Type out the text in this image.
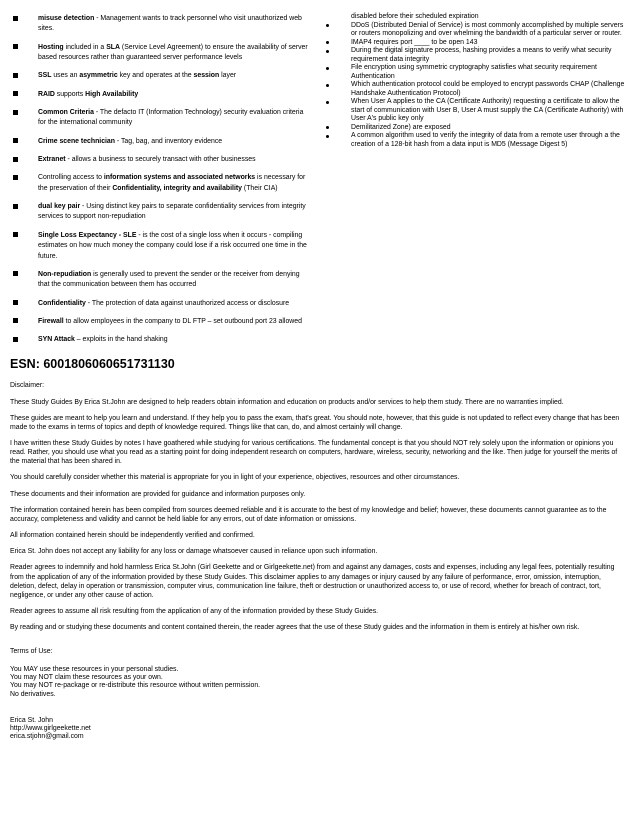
misuse detection - Management wants to track personnel who visit unauthorized web sites.
Hosting included in a SLA (Service Level Agreement) to ensure the availability of server based resources rather than guaranteed server performance levels
SSL uses an asymmetric key and operates at the session layer
RAID supports High Availability
Common Criteria - The defacto IT (Information Technology) security evaluation criteria for the international community
Crime scene technician - Tag, bag, and inventory evidence
Extranet - allows a business to securely transact with other businesses
Controlling access to information systems and associated networks is necessary for the preservation of their Confidentiality, integrity and availability (Their CIA)
dual key pair - Using distinct key pairs to separate confidentiality services from integrity services to support non-repudiation
Single Loss Expectancy - SLE - is the cost of a single loss when it occurs - compiling estimates on how much money the company could lose if a risk occurred one time in the future.
Non-repudiation is generally used to prevent the sender or the receiver from denying that the communication between them has occurred
Confidentiality - The protection of data against unauthorized access or disclosure
Firewall to allow employees in the company to DL FTP – set outbound port 23 allowed
SYN Attack – exploits in the hand shaking
disabled before their scheduled expiration
DDoS (Distributed Denial of Service) is most commonly accomplished by multiple servers or routers monopolizing and over whelming the bandwidth of a particular server or router.
IMAP4 requires port ____ to be open 143
During the digital signature process, hashing provides a means to verify what security requirement data integrity
File encryption using symmetric cryptography satisfies what security requirement Authentication
Which authentication protocol could be employed to encrypt passwords CHAP (Challenge Handshake Authentication Protocol)
When User A applies to the CA (Certificate Authority) requesting a certificate to allow the start of communication with User B, User A must supply the CA (Certificate Authority) with User A's public key only
Demilitarized Zone) are exposed
A common algorithm used to verify the integrity of data from a remote user through a the creation of a 128-bit hash from a data input is MD5 (Message Digest 5)
ESN: 6001806060651731130

Disclaimer:

These Study Guides By Erica St.John are designed to help readers obtain information and education on products and/or services to help them study. There are no warranties implied.

These guides are meant to help you learn and understand. If they help you to pass the exam, that's great. You should note, however, that this guide is not updated to reflect every change that has been made to the exams in terms of topics and depth of knowledge required. Things like that can, do, and almost certainly will change.

I have written these Study Guides by notes I have goathered while studying for various certifications. The fundamental concept is that you should NOT rely solely upon the information or opinions you read. Rather, you should use what you read as a starting point for doing independent research on computers, hardware, wireless, security, networking and the like. Then judge for yourself the merits of the material that has been shared in.

You should carefully consider whether this material is appropriate for you in light of your experience, objectives, resources and other circumstances.

These documents and their information are provided for guidance and information purposes only.

The information contained herein has been compiled from sources deemed reliable and it is accurate to the best of my knowledge and belief; however, these documents cannot guarantee as to the accuracy, completeness and validity and cannot be held liable for any errors, out of date information or omissions.

All information contained herein should be independently verified and confirmed.

Erica St. John does not accept any liability for any loss or damage whatsoever caused in reliance upon such information.

Reader agrees to indemnify and hold harmless Erica St.John (Girl Geekette and or Girlgeekette.net) from and against any damages, costs and expenses, including any legal fees, potentially resulting from the application of any of the information provided by these Study Guides. This disclaimer applies to any damages or injury caused by any failure of performance, error, omission, interruption, deletion, defect, delay in operation or transmission, computer virus, communication line failure, theft or destruction or unauthorized access to, or use of record, whether for breach of contract, tort, negligence, or under any other cause of action.

Reader agrees to assume all risk resulting from the application of any of the information provided by these Study Guides.

By reading and or studying these documents and content contained therein, the reader agrees that the use of these Study guides and the information in them is entirely at his/her own risk.

Terms of Use:
You MAY use these resources in your personal studies.
You may NOT claim these resources as your own.
You may NOT re-package or re-distribute this resource without written permission.
No derivatives.
Erica St. John
http://www.girlgeekette.net
erica.stjohn@gmail.com
